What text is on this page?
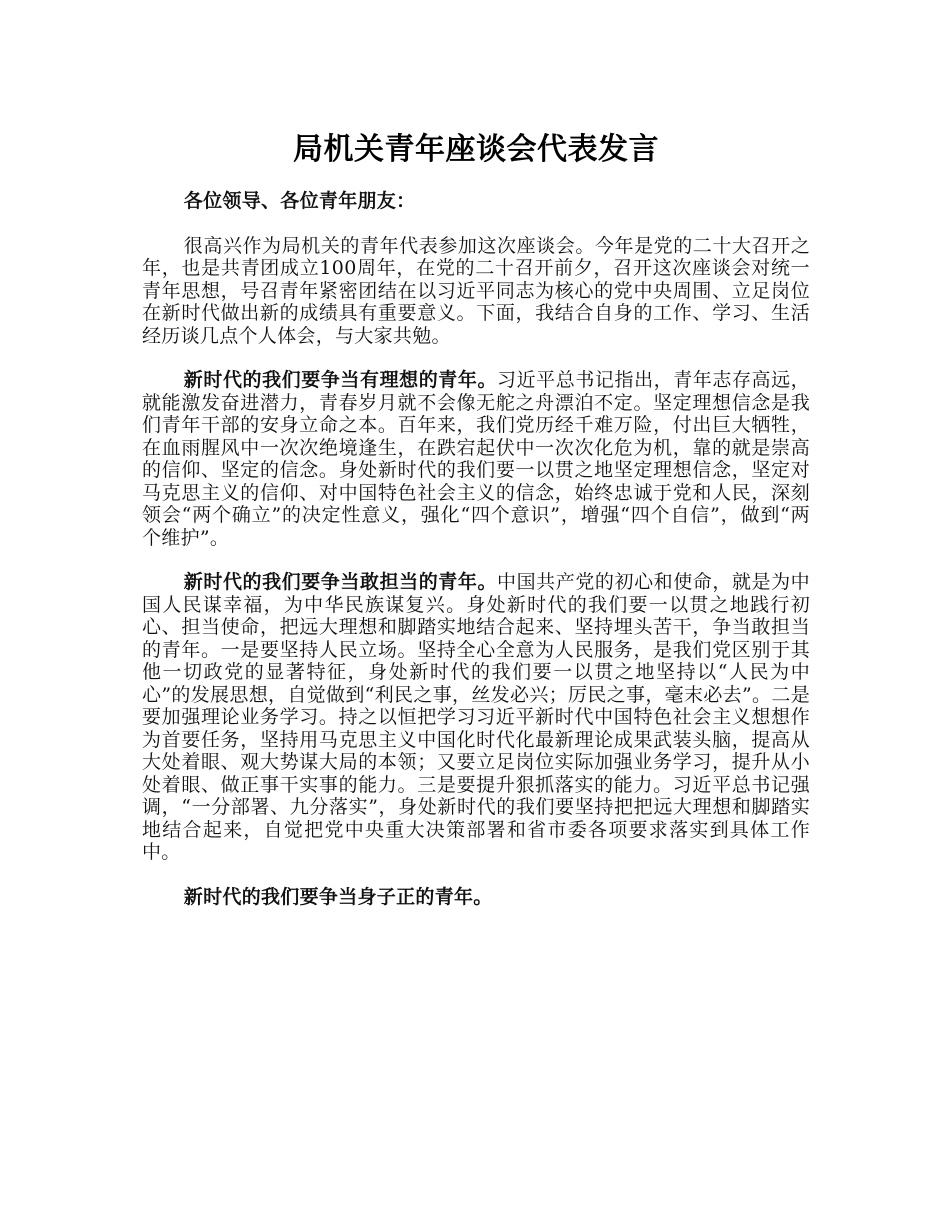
局机关青年座谈会代表发言

各位领导、各位青年朋友：

很高兴作为局机关的青年代表参加这次座谈会。今年是党的二十大召开之年，也是共青团成立100周年，在党的二十召开前夕，召开这次座谈会对统一青年思想，号召青年紧密团结在以习近平同志为核心的党中央周围、立足岗位在新时代做出新的成绩具有重要意义。下面，我结合自身的工作、学习、生活经历谈几点个人体会，与大家共勉。

新时代的我们要争当有理想的青年。习近平总书记指出，青年志存高远，就能激发奋进潜力，青春岁月就不会像无舵之舟漂泊不定。坚定理想信念是我们青年干部的安身立命之本。百年来，我们党历经千难万险，付出巨大牺牲，在血雨腥风中一次次绝境逢生，在跌宕起伏中一次次化危为机，靠的就是崇高的信仰、坚定的信念。身处新时代的我们要一以贯之地坚定理想信念，坚定对马克思主义的信仰、对中国特色社会主义的信念，始终忠诚于党和人民，深刻领会“两个确立”的决定性意义，强化“四个意识”，增强“四个自信”，做到“两个维护”。

新时代的我们要争当敢担当的青年。中国共产党的初心和使命，就是为中国人民谋幸福，为中华民族谋复兴。身处新时代的我们要一以贯之地践行初心、担当使命，把远大理想和脚踏实地结合起来、坚持埋头苦干，争当敢担当的青年。一是要坚持人民立场。坚持全心全意为人民服务，是我们党区别于其他一切政党的显著特征，身处新时代的我们要一以贯之地坚持以“人民为中心”的发展思想，自觉做到“利民之事，丝发必兴；厉民之事，毫末必去”。二是要加强理论业务学习。持之以恒把学习习近平新时代中国特色社会主义想想作为首要任务，坚持用马克思主义中国化时代化最新理论成果武装头脑，提高从大处着眼、观大势谋大局的本领；又要立足岗位实际加强业务学习，提升从小处着眼、做正事干实事的能力。三是要提升狠抓落实的能力。习近平总书记强调，“一分部署、九分落实”，身处新时代的我们要坚持把把远大理想和脚踏实地结合起来，自觉把党中央重大决策部署和省市委各项要求落实到具体工作中。

新时代的我们要争当身子正的青年。
